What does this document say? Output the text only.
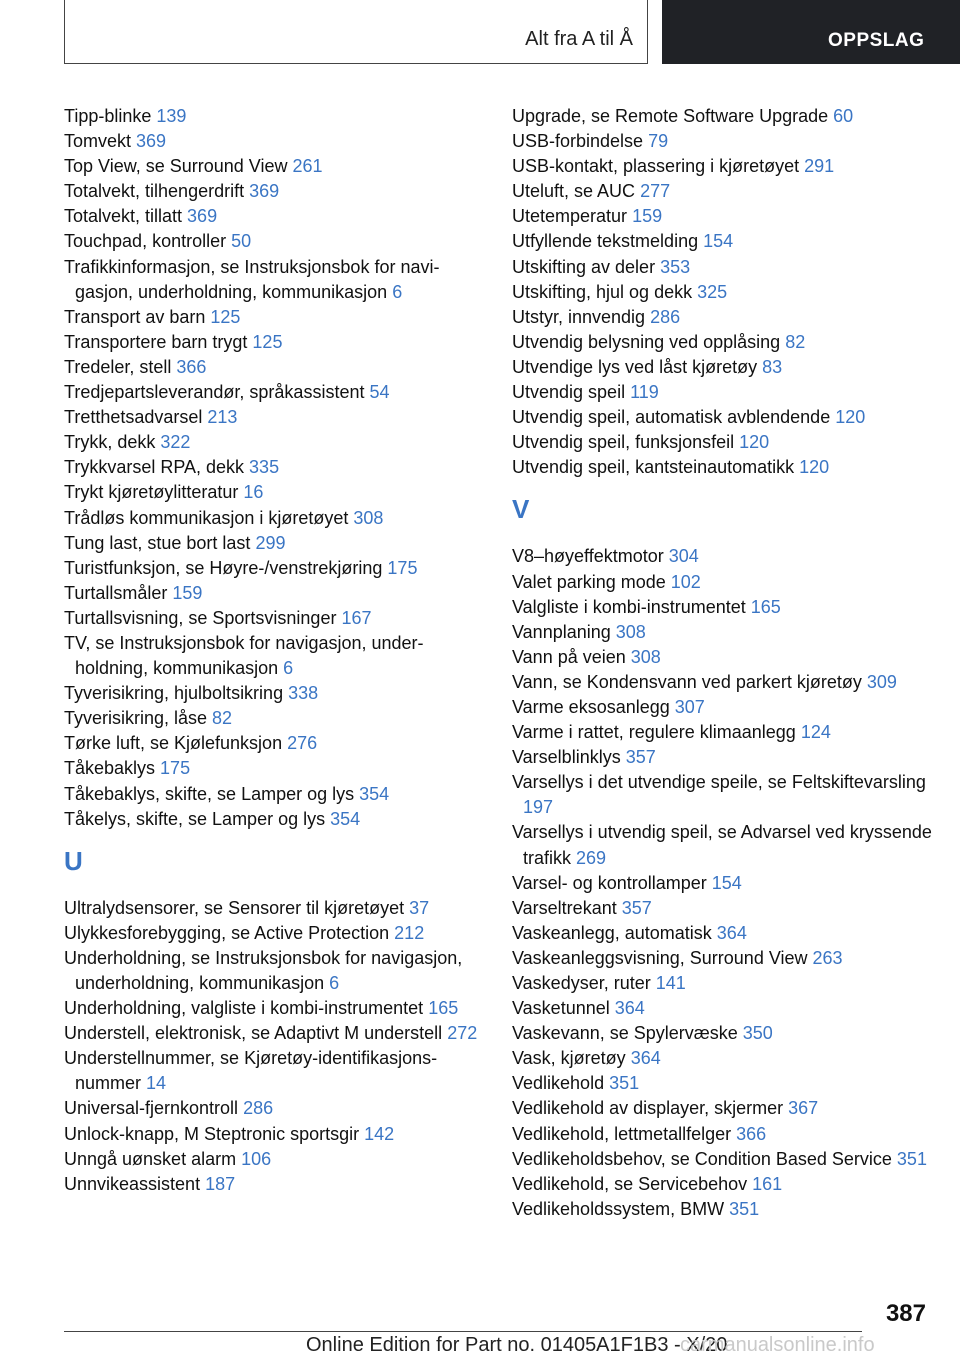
Alt fra A til Å	OPPSLAG
Tipp-blinke 139
Tomvekt 369
Top View, se Surround View 261
Totalvekt, tilhengerdrift 369
Totalvekt, tillatt 369
Touchpad, kontroller 50
Trafikkinformasjon, se Instruksjonsbok for navigasjon, underholdning, kommunikasjon 6
Transport av barn 125
Transportere barn trygt 125
Tredeler, stell 366
Tredjepartsleverandør, språkassistent 54
Tretthetsadvarsel 213
Trykk, dekk 322
Trykkvarsel RPA, dekk 335
Trykt kjøretøylitteratur 16
Trådløs kommunikasjon i kjøretøyet 308
Tung last, stue bort last 299
Turistfunksjon, se Høyre-/venstrekjøring 175
Turtallsmåler 159
Turtallsvisning, se Sportsvisninger 167
TV, se Instruksjonsbok for navigasjon, underholdning, kommunikasjon 6
Tyverisikring, hjulboltsikring 338
Tyverisikring, låse 82
Tørke luft, se Kjølefunksjon 276
Tåkebaklys 175
Tåkebaklys, skifte, se Lamper og lys 354
Tåkelys, skifte, se Lamper og lys 354
U
Ultralydsensorer, se Sensorer til kjøretøyet 37
Ulykkesforebygging, se Active Protection 212
Underholdning, se Instruksjonsbok for navigasjon, underholdning, kommunikasjon 6
Underholdning, valgliste i kombi-instrumentet 165
Understell, elektronisk, se Adaptivt M understell 272
Understellnummer, se Kjøretøy-identifikasjonsnummer 14
Universal-fjernkontroll 286
Unlock-knapp, M Steptronic sportsgir 142
Unngå uønsket alarm 106
Unnvikeassistent 187
Upgrade, se Remote Software Upgrade 60
USB-forbindelse 79
USB-kontakt, plassering i kjøretøyet 291
Uteluft, se AUC 277
Utetemperatur 159
Utfyllende tekstmelding 154
Utskifting av deler 353
Utskifting, hjul og dekk 325
Utstyr, innvendig 286
Utvendig belysning ved opplåsing 82
Utvendige lys ved låst kjøretøy 83
Utvendig speil 119
Utvendig speil, automatisk avblendende 120
Utvendig speil, funksjonsfeil 120
Utvendig speil, kantsteinautomatikk 120
V
V8–høyeffektmotor 304
Valet parking mode 102
Valgliste i kombi-instrumentet 165
Vannplaning 308
Vann på veien 308
Vann, se Kondensvann ved parkert kjøretøy 309
Varme eksosanlegg 307
Varme i rattet, regulere klimaanlegg 124
Varselblinklys 357
Varsellys i det utvendige speile, se Feltskiftevarsling 197
Varsellys i utvendig speil, se Advarsel ved kryssende trafikk 269
Varsel- og kontrollamper 154
Varseltrekant 357
Vaskeanlegg, automatisk 364
Vaskeanleggsvisning, Surround View 263
Vaskedyser, ruter 141
Vasketunnel 364
Vaskevann, se Spylervæske 350
Vask, kjøretøy 364
Vedlikehold 351
Vedlikehold av displayer, skjermer 367
Vedlikehold, lettmetallfelger 366
Vedlikeholdsbehov, se Condition Based Service 351
Vedlikehold, se Servicebehov 161
Vedlikeholdssystem, BMW 351
387
Online Edition for Part no. 01405A1F1B3 - X/20
carmanualsonline.info
